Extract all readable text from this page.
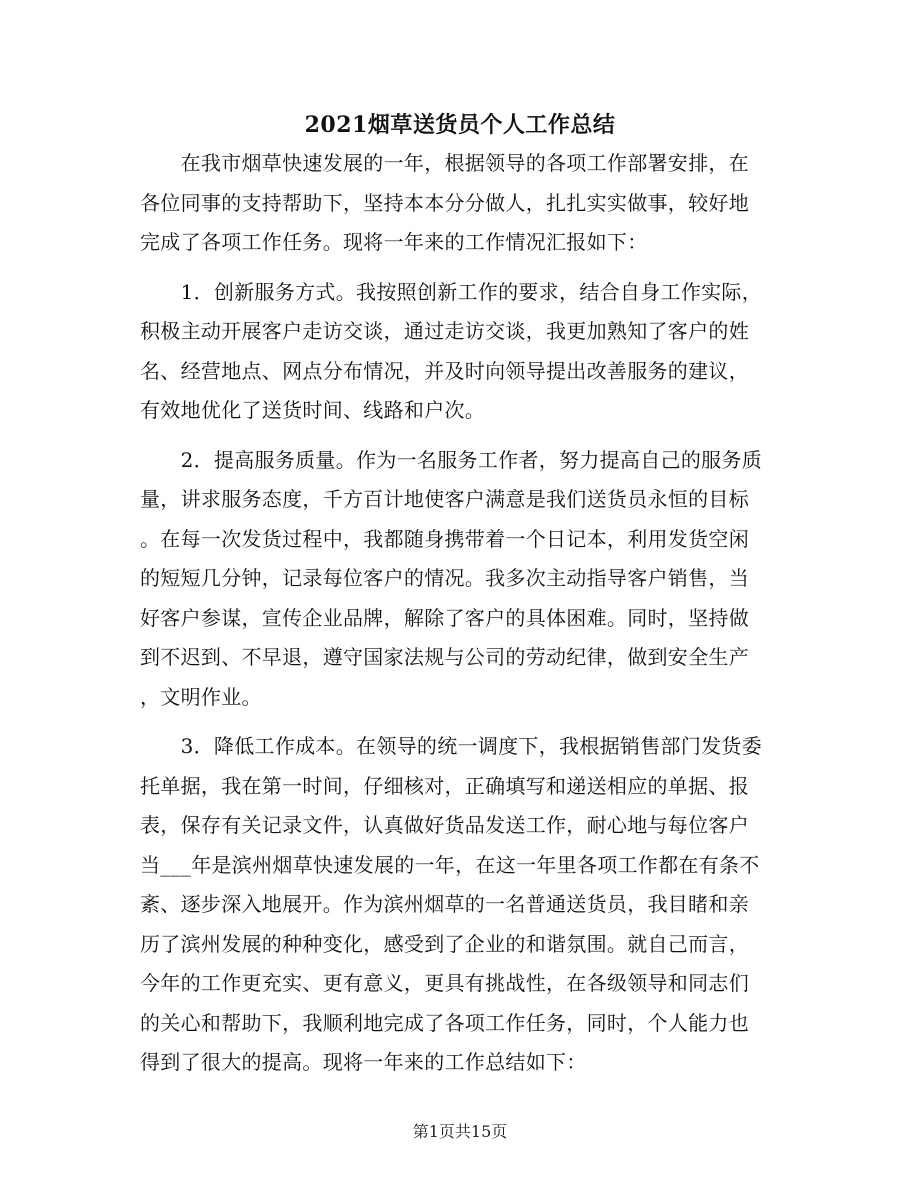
2021烟草送货员个人工作总结
　　在我市烟草快速发展的一年，根据领导的各项工作部署安排，在
各位同事的支持帮助下，坚持本本分分做人，扎扎实实做事，较好地
完成了各项工作任务。现将一年来的工作情况汇报如下：
　　1．创新服务方式。我按照创新工作的要求，结合自身工作实际，
积极主动开展客户走访交谈，通过走访交谈，我更加熟知了客户的姓
名、经营地点、网点分布情况，并及时向领导提出改善服务的建议，
有效地优化了送货时间、线路和户次。
　　2．提高服务质量。作为一名服务工作者，努力提高自己的服务质
量，讲求服务态度，千方百计地使客户满意是我们送货员永恒的目标
。在每一次发货过程中，我都随身携带着一个日记本，利用发货空闲
的短短几分钟，记录每位客户的情况。我多次主动指导客户销售，当
好客户参谋，宣传企业品牌，解除了客户的具体困难。同时，坚持做
到不迟到、不早退，遵守国家法规与公司的劳动纪律，做到安全生产
，文明作业。
　　3．降低工作成本。在领导的统一调度下，我根据销售部门发货委
托单据，我在第一时间，仔细核对，正确填写和递送相应的单据、报
表，保存有关记录文件，认真做好货品发送工作，耐心地与每位客户
当___年是滨州烟草快速发展的一年，在这一年里各项工作都在有条不
紊、逐步深入地展开。作为滨州烟草的一名普通送货员，我目睹和亲
历了滨州发展的种种变化，感受到了企业的和谐氛围。就自己而言，
今年的工作更充实、更有意义，更具有挑战性，在各级领导和同志们
的关心和帮助下，我顺利地完成了各项工作任务，同时，个人能力也
得到了很大的提高。现将一年来的工作总结如下：
第1页共15页
